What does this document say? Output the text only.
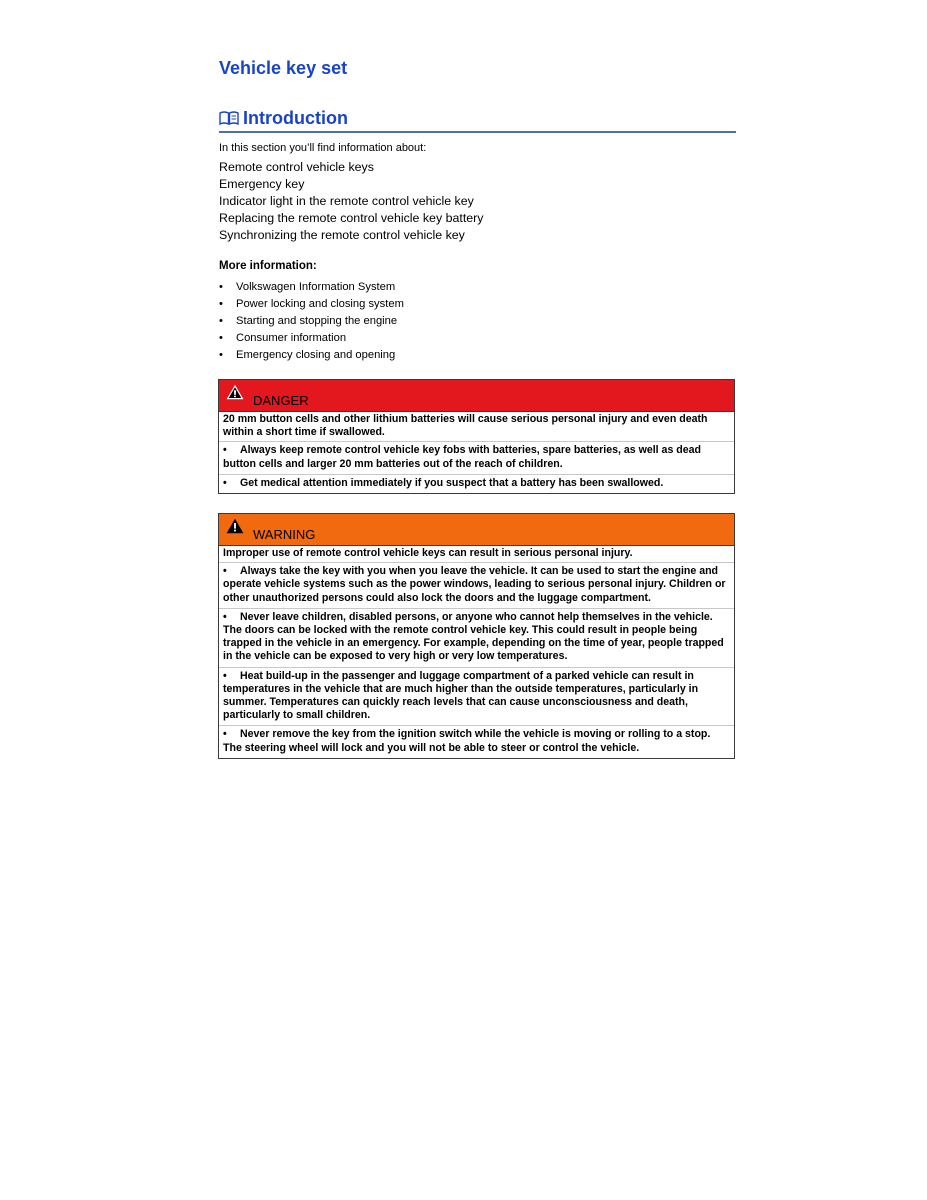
Vehicle key set
Introduction
In this section you’ll find information about:
Remote control vehicle keys
Emergency key
Indicator light in the remote control vehicle key
Replacing the remote control vehicle key battery
Synchronizing the remote control vehicle key
More information:
•	Volkswagen Information System
•	Power locking and closing system
•	Starting and stopping the engine
•	Consumer information
•	Emergency closing and opening
DANGER
20 mm button cells and other lithium batteries will cause serious personal injury and even death within a short time if swallowed.
• Always keep remote control vehicle key fobs with batteries, spare batteries, as well as dead button cells and larger 20 mm batteries out of the reach of children.
• Get medical attention immediately if you suspect that a battery has been swallowed.
WARNING
Improper use of remote control vehicle keys can result in serious personal injury.
• Always take the key with you when you leave the vehicle. It can be used to start the engine and operate vehicle systems such as the power windows, leading to serious personal injury. Children or other unauthorized persons could also lock the doors and the luggage compartment.
• Never leave children, disabled persons, or anyone who cannot help themselves in the vehicle. The doors can be locked with the remote control vehicle key. This could result in people being trapped in the vehicle in an emergency. For example, depending on the time of year, people trapped in the vehicle can be exposed to very high or very low temperatures.
• Heat build-up in the passenger and luggage compartment of a parked vehicle can result in temperatures in the vehicle that are much higher than the outside temperatures, particularly in summer. Temperatures can quickly reach levels that can cause unconsciousness and death, particularly to small children.
• Never remove the key from the ignition switch while the vehicle is moving or rolling to a stop. The steering wheel will lock and you will not be able to steer or control the vehicle.
